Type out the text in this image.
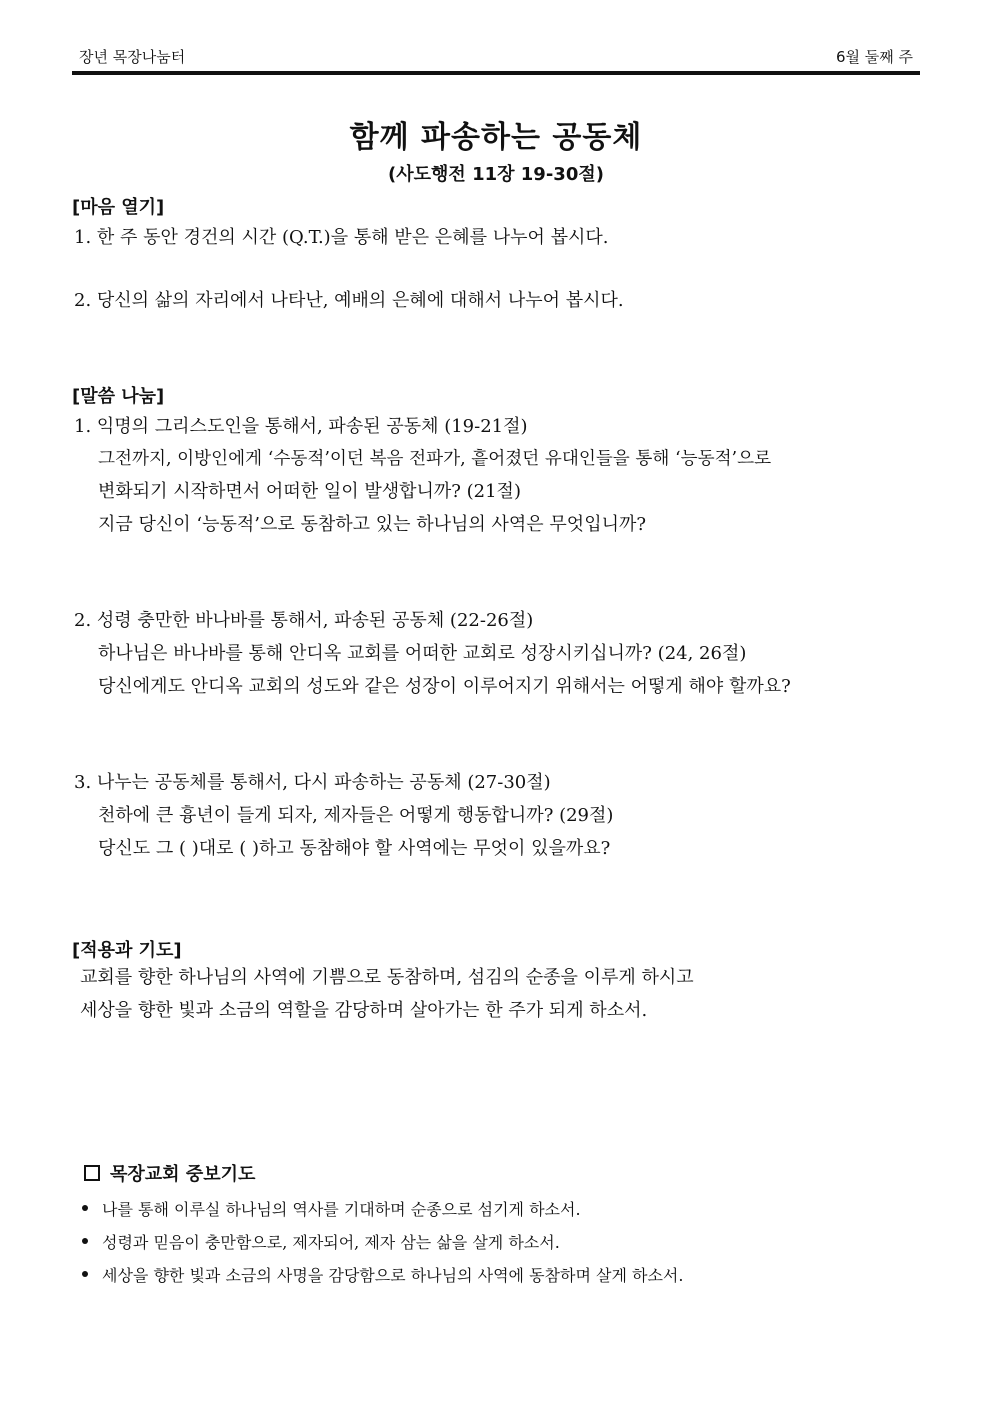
장년 목장나눔터	6월 둘째 주
함께 파송하는 공동체
(사도행전 11장 19-30절)
[마음 열기]
1. 한 주 동안 경건의 시간 (Q.T.)을 통해 받은 은혜를 나누어 봅시다.
2. 당신의 삶의 자리에서 나타난, 예배의 은혜에 대해서 나누어 봅시다.
[말씀 나눔]
1. 익명의 그리스도인을 통해서, 파송된 공동체 (19-21절)
그전까지, 이방인에게 ‘수동적’이던 복음 전파가, 흩어졌던 유대인들을 통해 ‘능동적’으로
변화되기 시작하면서 어떠한 일이 발생합니까? (21절)
지금 당신이 ‘능동적’으로 동참하고 있는 하나님의 사역은 무엇입니까?
2. 성령 충만한 바나바를 통해서, 파송된 공동체 (22-26절)
하나님은 바나바를 통해 안디옥 교회를 어떠한 교회로 성장시키십니까? (24, 26절)
당신에게도 안디옥 교회의 성도와 같은 성장이 이루어지기 위해서는 어떻게 해야 할까요?
3. 나누는 공동체를 통해서, 다시 파송하는 공동체 (27-30절)
천하에 큰 흉년이 들게 되자, 제자들은 어떻게 행동합니까? (29절)
당신도 그 ( )대로 ( )하고 동참해야 할 사역에는 무엇이 있을까요?
[적용과 기도]
교회를 향한 하나님의 사역에 기쁨으로 동참하며, 섬김의 순종을 이루게 하시고
세상을 향한 빛과 소금의 역할을 감당하며 살아가는 한 주가 되게 하소서.
목장교회 중보기도
나를 통해 이루실 하나님의 역사를 기대하며 순종으로 섬기게 하소서.
성령과 믿음이 충만함으로, 제자되어, 제자 삼는 삶을 살게 하소서.
세상을 향한 빛과 소금의 사명을 감당함으로 하나님의 사역에 동참하며 살게 하소서.
